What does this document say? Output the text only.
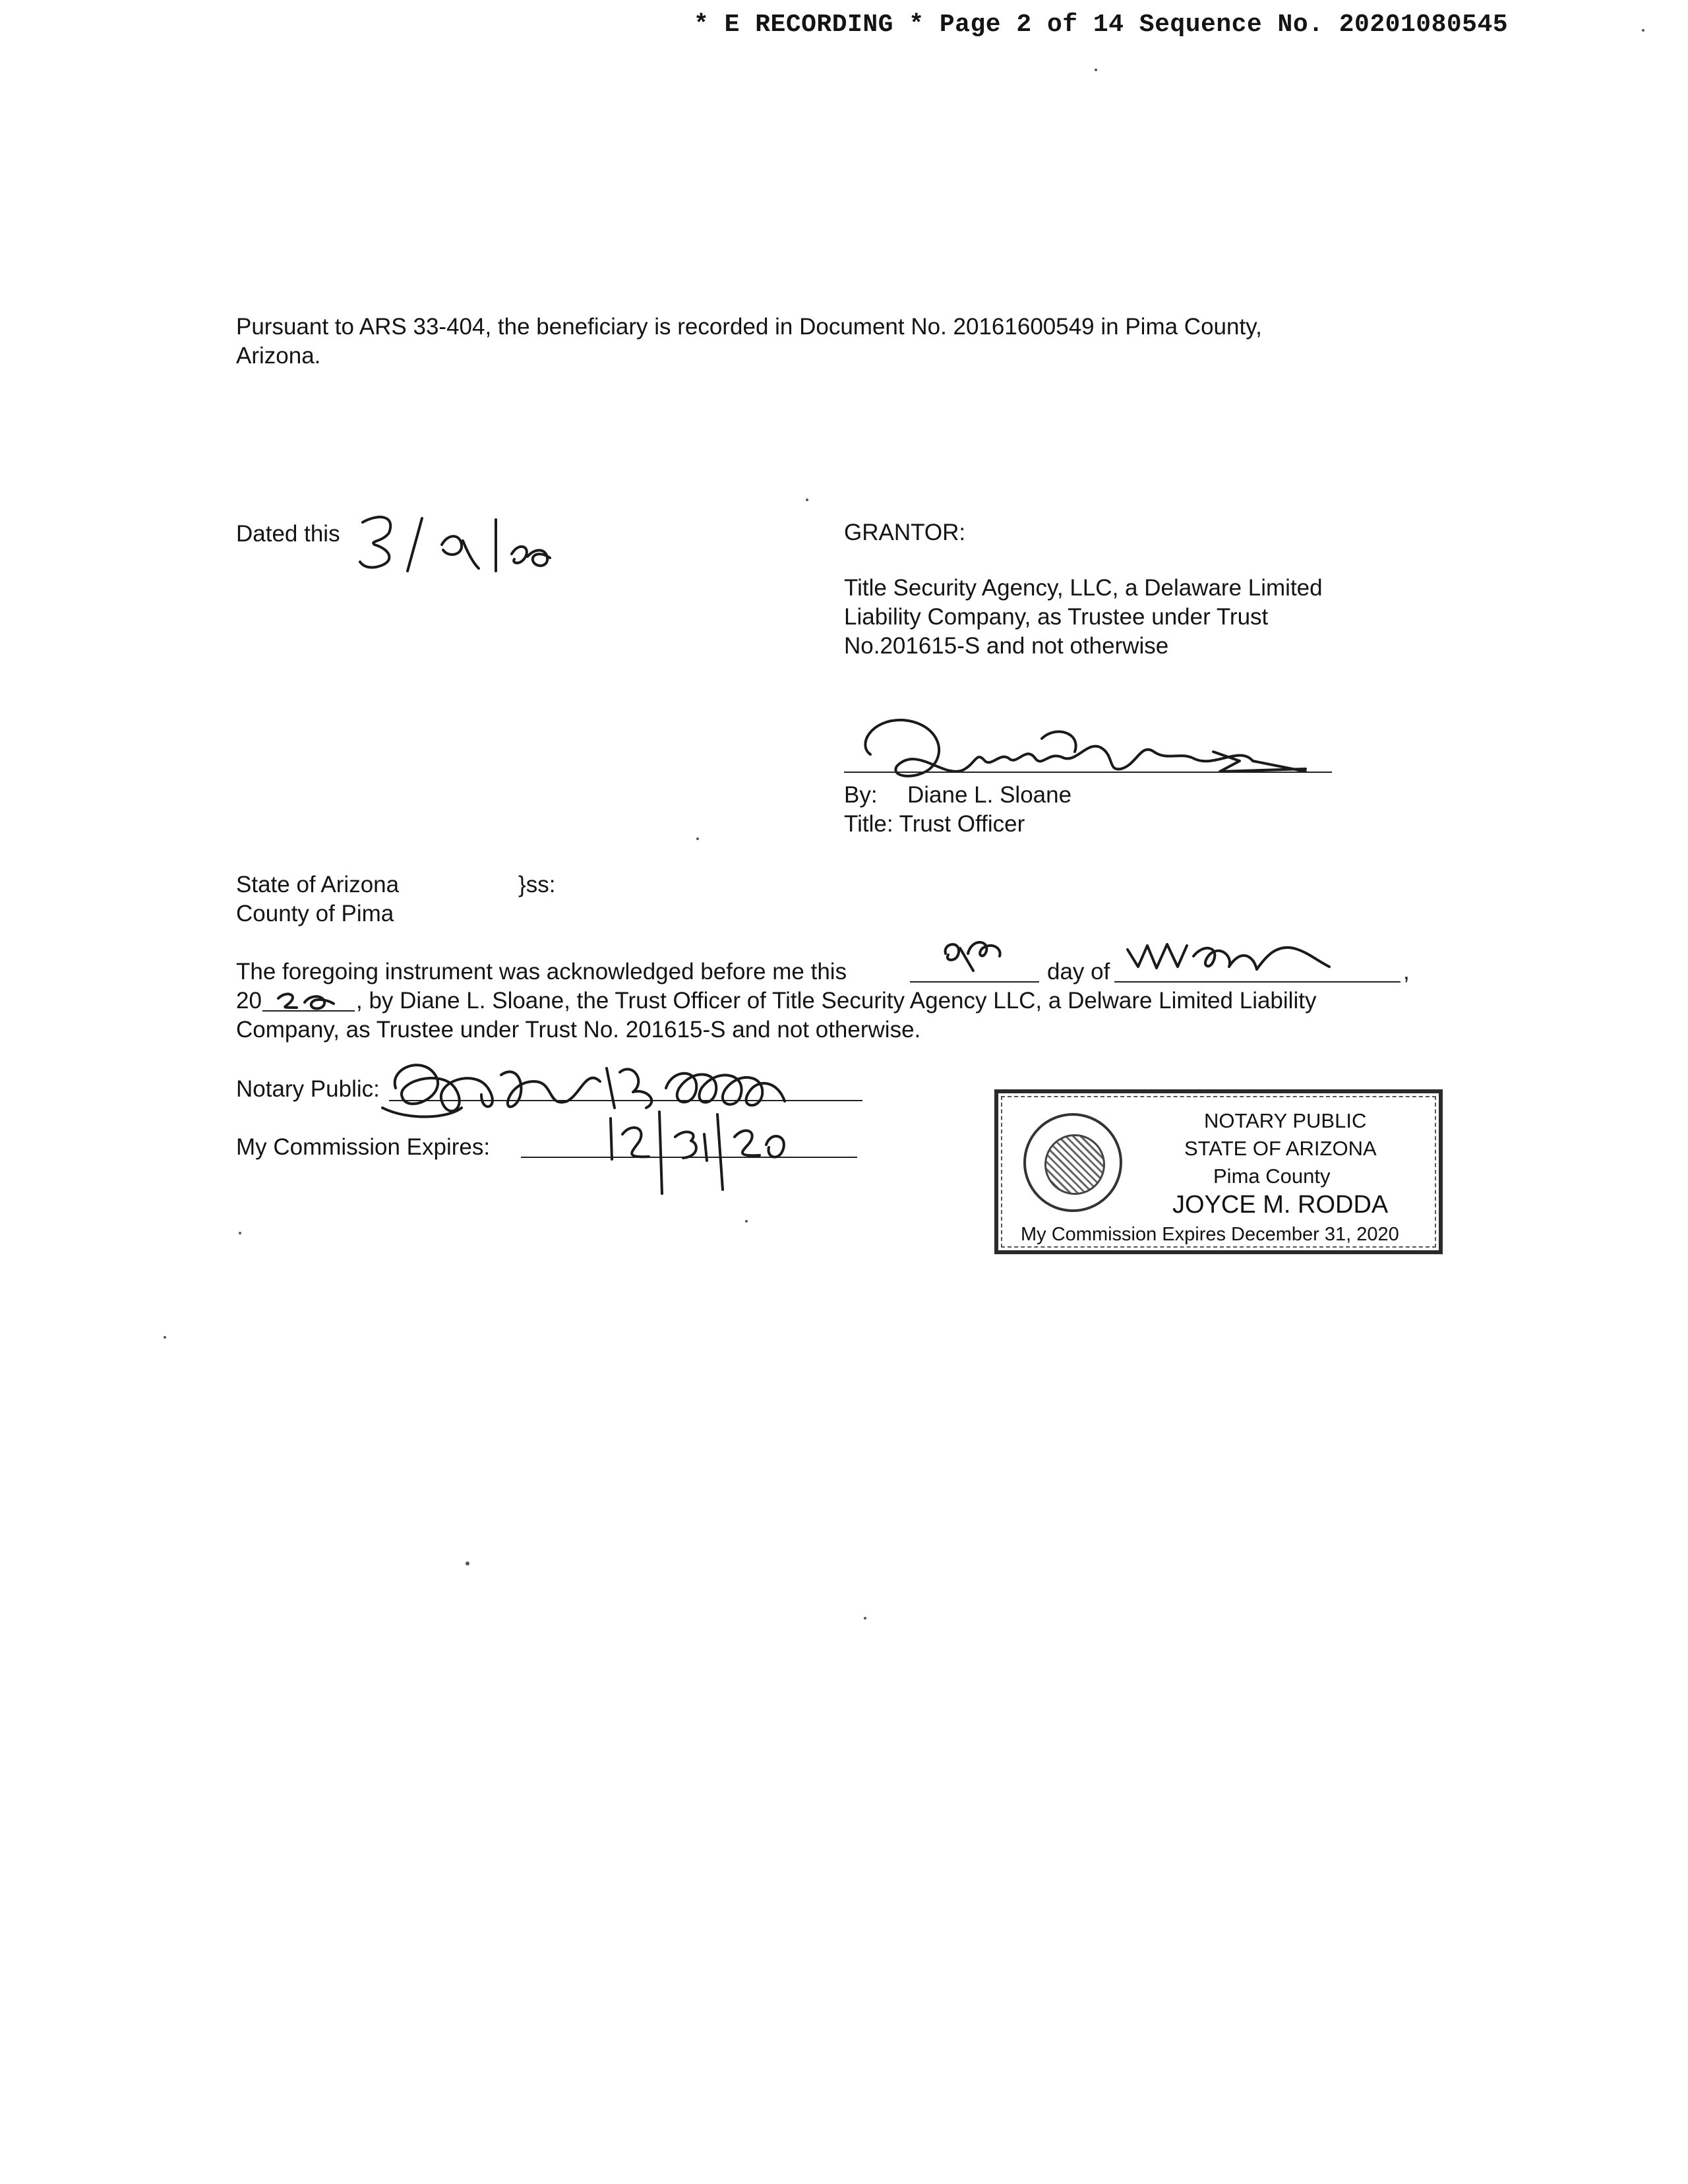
* E RECORDING * Page 2 of 14 Sequence No. 20201080545
Pursuant to ARS 33-404, the beneficiary is recorded in Document No. 20161600549 in Pima County,
Arizona.
Dated this	GRANTOR:
Title Security Agency, LLC, a Delaware Limited
Liability Company, as Trustee under Trust
No.201615-S and not otherwise
By: Diane L. Sloane
Title: Trust Officer
State of Arizona
County of Pima
}ss:
The foregoing instrument was acknowledged before me this	day of	,
20	, by Diane L. Sloane, the Trust Officer of Title Security Agency LLC, a Delware Limited Liability
Company, as Trustee under Trust No. 201615-S and not otherwise.
Notary Public:
My Commission Expires:
NOTARY PUBLIC
STATE OF ARIZONA
Pima County
JOYCE M. RODDA
My Commission Expires December 31, 2020
